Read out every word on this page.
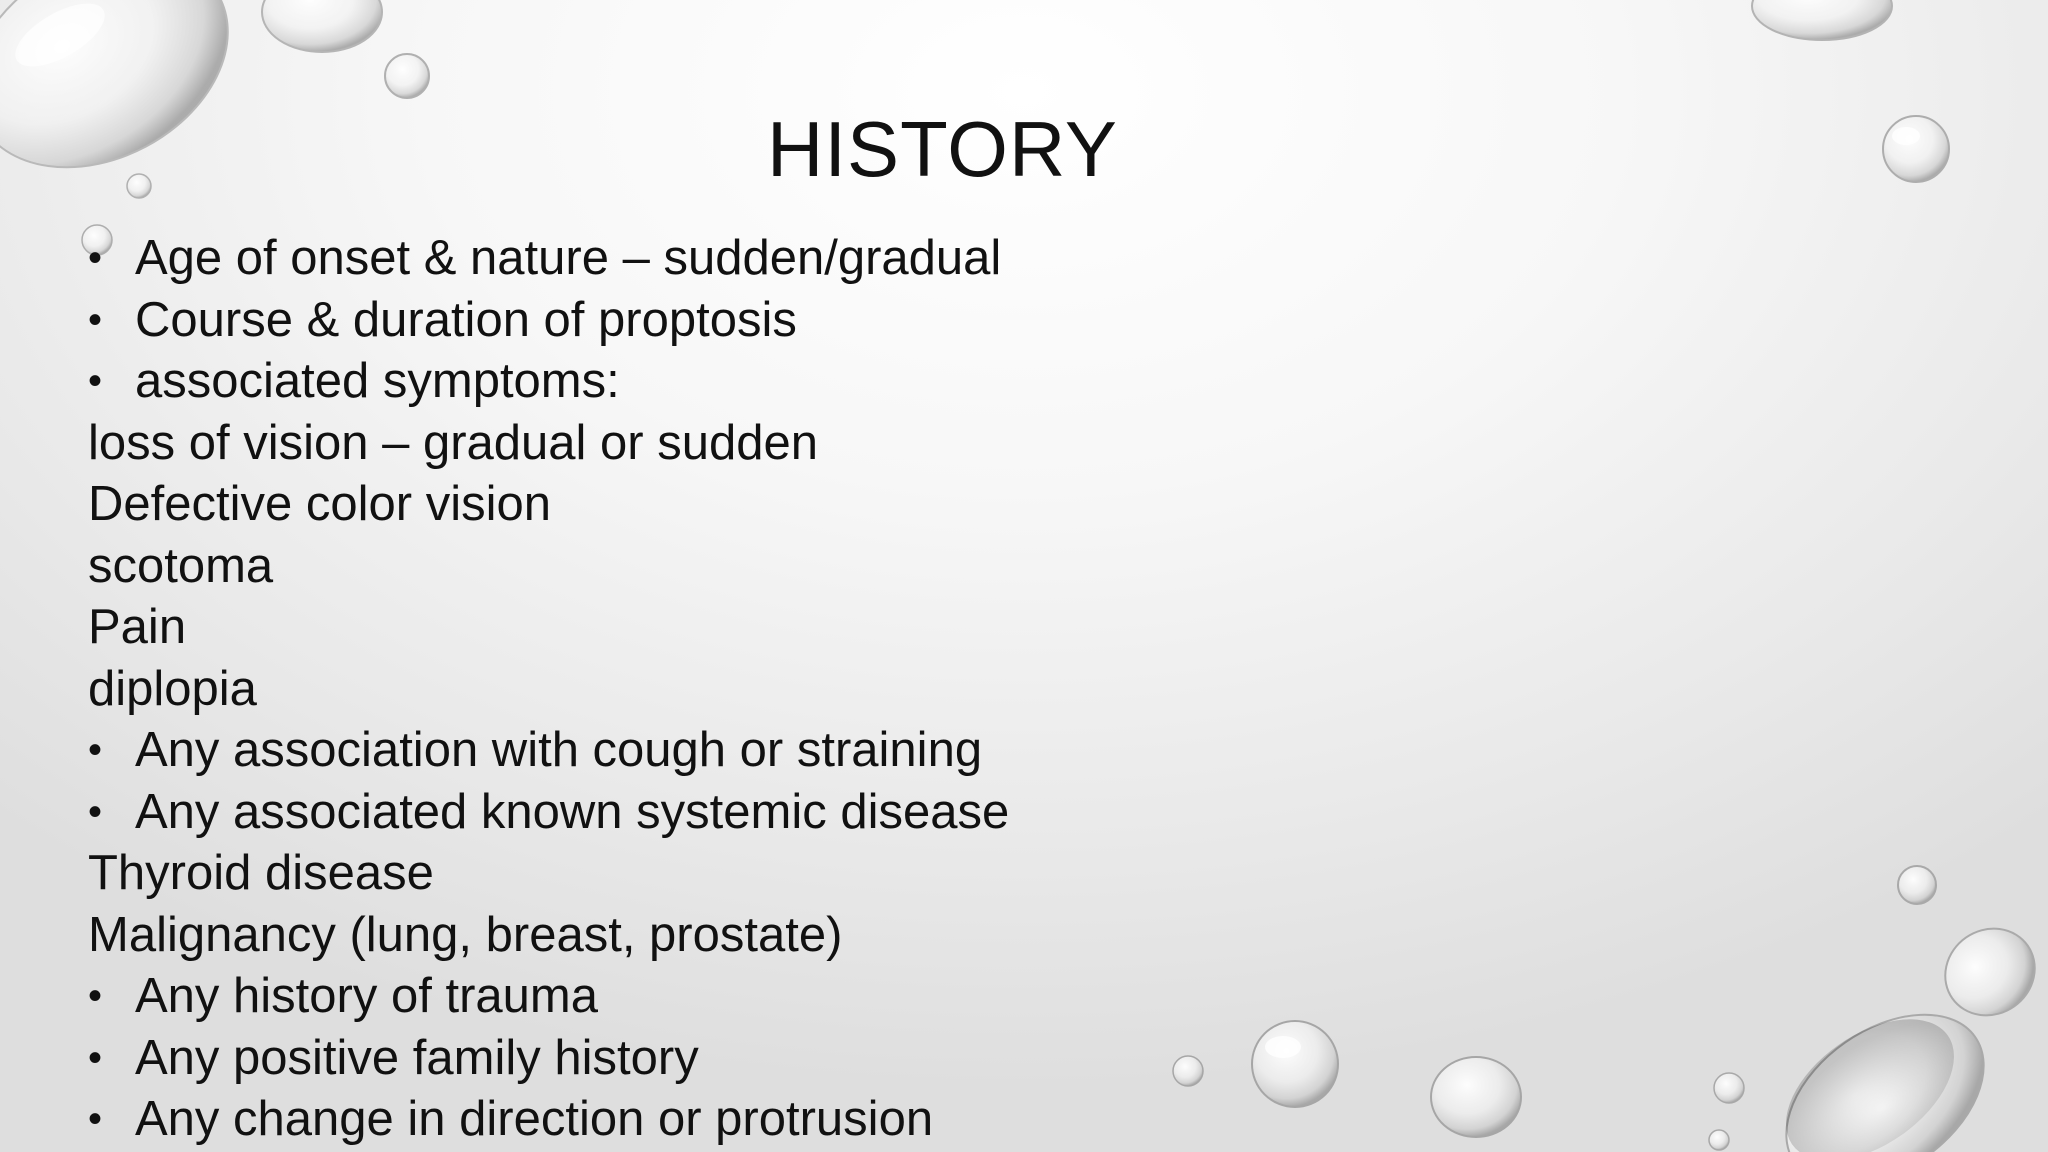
HISTORY
• Age of onset & nature – sudden/gradual
• Course & duration of proptosis
• associated symptoms:
loss of vision – gradual or sudden
Defective color vision
scotoma
Pain
diplopia
• Any association with cough or straining
• Any associated known systemic disease
Thyroid disease
Malignancy (lung, breast, prostate)
• Any history of trauma
• Any positive family history
• Any change in direction or protrusion
